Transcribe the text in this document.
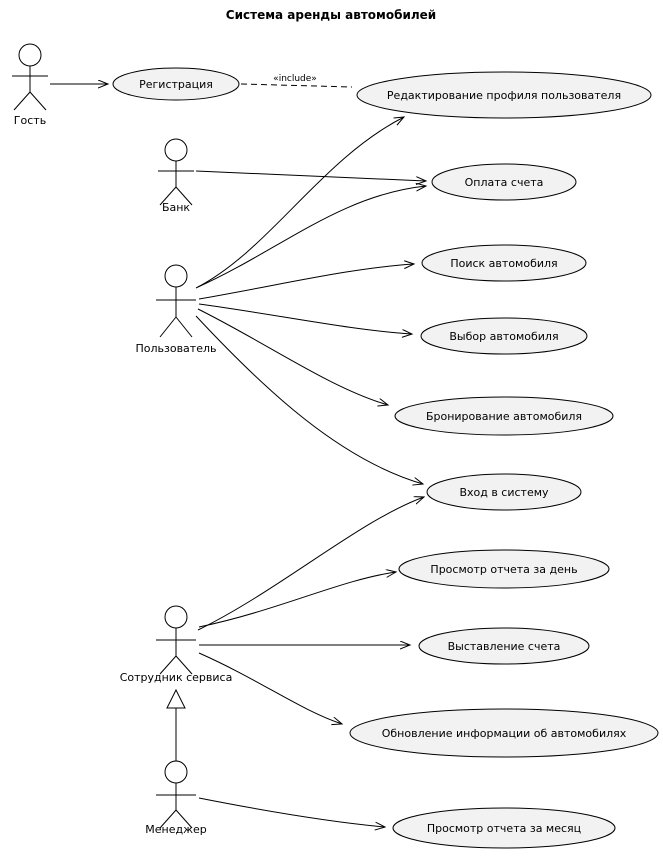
Система аренды автомобилей
Гость
Банк
Пользователь
Сотрудник сервиса
Менеджер
«include»
Регистрация
Редактирование профиля пользователя
Оплата счета
Поиск автомобиля
Выбор автомобиля
Бронирование автомобиля
Вход в систему
Просмотр отчета за день
Выставление счета
Обновление информации об автомобилях
Просмотр отчета за месяц
